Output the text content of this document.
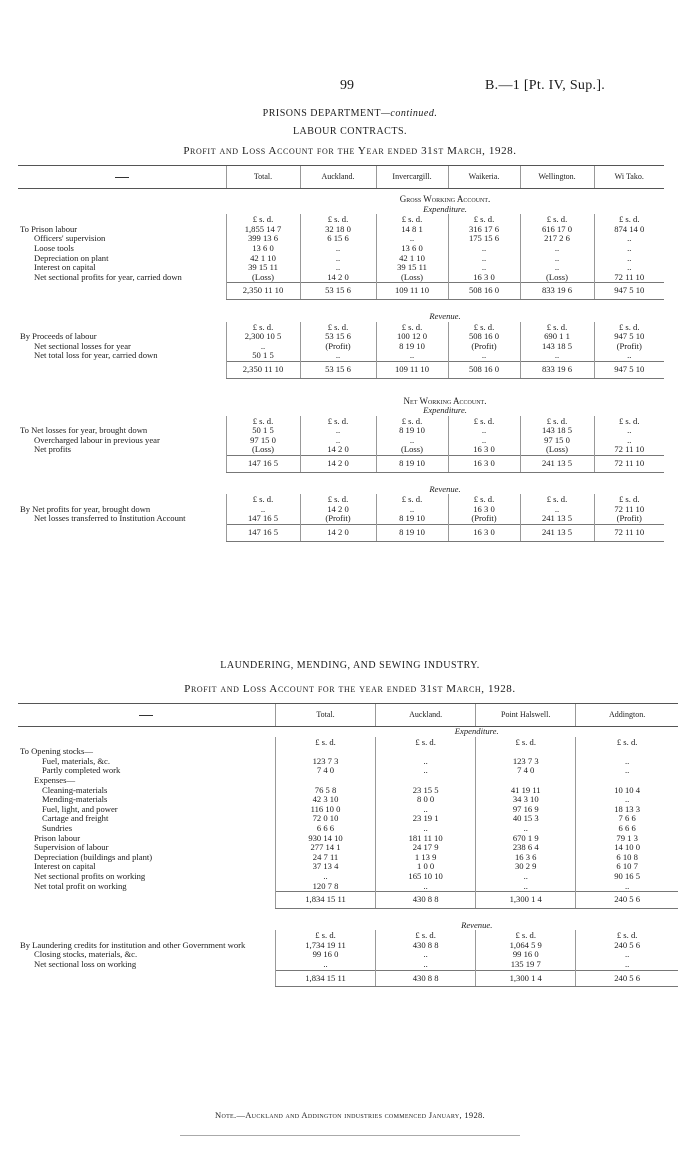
99	B.—1 [Pt. IV, Sup.].
PRISONS DEPARTMENT—continued.
LABOUR CONTRACTS.
Profit and Loss Account for the Year ended 31st March, 1928.
	Total.	Auckland.	Invercargill.	Waikeria.	Wellington.	Wi Tako.
	Gross Working Account.					
	Expenditure.					
	£ s. d.	£ s. d.	£ s. d.	£ s. d.	£ s. d.	£ s. d.
To Prison labour	1,855 14 7	32 18 0	14 8 1	316 17 6	616 17 0	874 14 0

Officers' supervision	399 13 6	6 15 6	..	175 15 6	217 2 6	..

Loose tools	13 6 0	..	13 6 0	..	..	..

Depreciation on plant	42 1 10	..	42 1 10	..	..	..

Interest on capital	39 15 11	..	39 15 11	..	..	..

Net sectional profits for year, carried down	(Loss)	14 2 0	(Loss)	16 3 0	(Loss)	72 11 10
	2,350 11 10	53 15 6	109 11 10	508 16 0	833 19 6	947 5 10

	Revenue.					
	£ s. d.	£ s. d.	£ s. d.	£ s. d.	£ s. d.	£ s. d.
By Proceeds of labour	2,300 10 5	53 15 6	100 12 0	508 16 0	690 1 1	947 5 10

Net sectional losses for year	..	(Profit)	8 19 10	(Profit)	143 18 5	(Profit)

Net total loss for year, carried down	50 1 5	..	..	..	..	..
	2,350 11 10	53 15 6	109 11 10	508 16 0	833 19 6	947 5 10

	Net Working Account.					
	Expenditure.					
	£ s. d.	£ s. d.	£ s. d.	£ s. d.	£ s. d.	£ s. d.
To Net losses for year, brought down	50 1 5	..	8 19 10	..	143 18 5	..

Overcharged labour in previous year	97 15 0	..	..	..	97 15 0	..

Net profits	(Loss)	14 2 0	(Loss)	16 3 0	(Loss)	72 11 10
	147 16 5	14 2 0	8 19 10	16 3 0	241 13 5	72 11 10

	Revenue.					
	£ s. d.	£ s. d.	£ s. d.	£ s. d.	£ s. d.	£ s. d.
By Net profits for year, brought down	..	14 2 0	..	16 3 0	..	72 11 10

Net losses transferred to Institution Account	147 16 5	(Profit)	8 19 10	(Profit)	241 13 5	(Profit)
	147 16 5	14 2 0	8 19 10	16 3 0	241 13 5	72 11 10
LAUNDERING, MENDING, AND SEWING INDUSTRY.
Profit and Loss Account for the year ended 31st March, 1928.
	Total.	Auckland.	Point Halswell.	Addington.
	Expenditure.			
	£ s. d.	£ s. d.	£ s. d.	£ s. d.
To Opening stocks—				

Fuel, materials, &c.	123 7 3	..	123 7 3	..

Partly completed work	7 4 0	..	7 4 0	..

Expenses—				

Cleaning-materials	76 5 8	23 15 5	41 19 11	10 10 4

Mending-materials	42 3 10	8 0 0	34 3 10	..

Fuel, light, and power	116 10 0	..	97 16 9	18 13 3

Cartage and freight	72 0 10	23 19 1	40 15 3	7 6 6

Sundries	6 6 6	..	..	6 6 6

Prison labour	930 14 10	181 11 10	670 1 9	79 1 3

Supervision of labour	277 14 1	24 17 9	238 6 4	14 10 0

Depreciation (buildings and plant)	24 7 11	1 13 9	16 3 6	6 10 8

Interest on capital	37 13 4	1 0 0	30 2 9	6 10 7

Net sectional profits on working	..	165 10 10	..	90 16 5

Net total profit on working	120 7 8	..	..	..
	1,834 15 11	430 8 8	1,300 1 4	240 5 6

	Revenue.			
	£ s. d.	£ s. d.	£ s. d.	£ s. d.
By Laundering credits for institution and other Government work	1,734 19 11	430 8 8	1,064 5 9	240 5 6

Closing stocks, materials, &c.	99 16 0	..	99 16 0	..

Net sectional loss on working	..	..	135 19 7	..
	1,834 15 11	430 8 8	1,300 1 4	240 5 6
Note.—Auckland and Addington industries commenced January, 1928.
